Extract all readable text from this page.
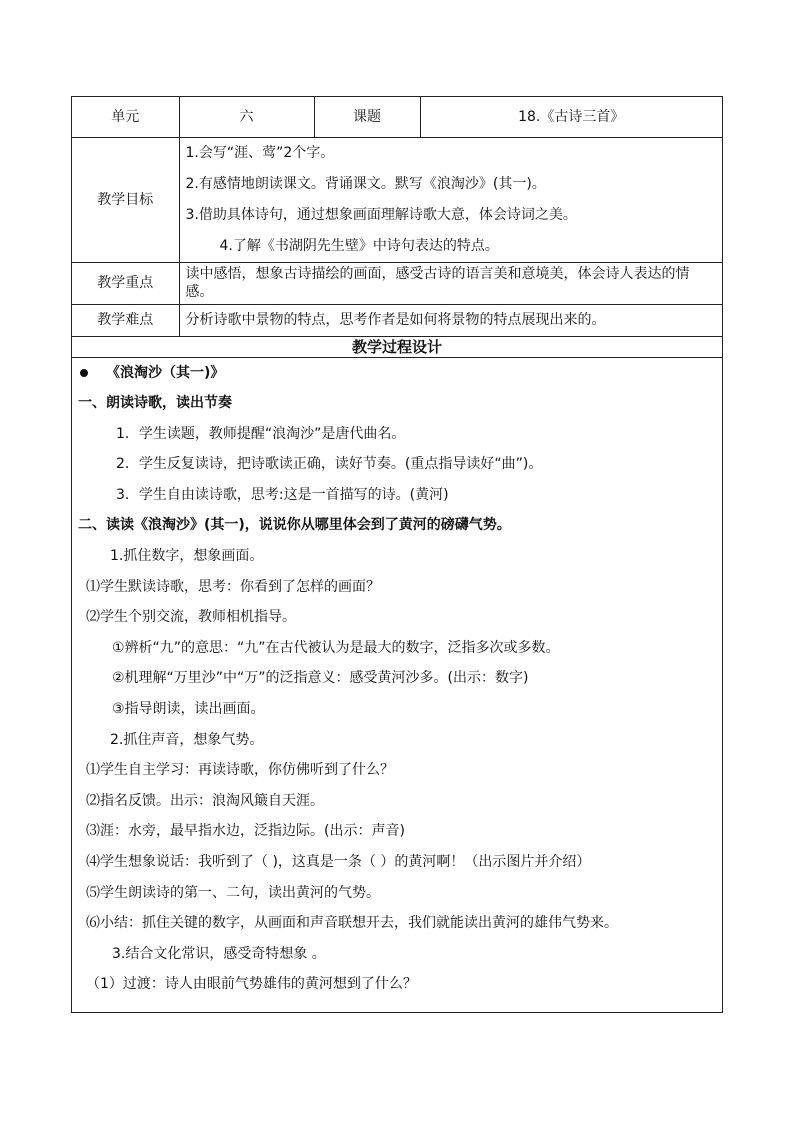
单元	六	课题	18.《古诗三首》
教学目标	1.会写“涯、莺”2个字。
2.有感情地朗读课文。背诵课文。默写《浪淘沙》(其一)。
3.借助具体诗句，通过想象画面理解诗歌大意，体会诗词之美。
4.了解《书湖阴先生壁》中诗句表达的特点。		

教学重点	读中感悟，想象古诗描绘的画面，感受古诗的语言美和意境美，体会诗人表达的情感。		
教学难点	分析诗歌中景物的特点，思考作者是如何将景物的特点展现出来的。		
教学过程设计
《浪淘沙（其一)》
一、朗读诗歌，读出节奏
1．学生读题，教师提醒“浪淘沙”是唐代曲名。
2．学生反复读诗，把诗歌读正确，读好节奏。(重点指导读好“曲”)。
3．学生自由读诗歌，思考:这是一首描写的诗。(黄河)
二、读读《浪淘沙》(其一)，说说你从哪里体会到了黄河的磅礴气势。
1.抓住数字，想象画面。
⑴学生默读诗歌，思考：你看到了怎样的画面？
⑵学生个别交流，教师相机指导。
①辨析“九”的意思：“九”在古代被认为是最大的数字，泛指多次或多数。
②机理解“万里沙”中“万”的泛指意义：感受黄河沙多。(出示：数字)
③指导朗读，读出画面。
2.抓住声音，想象气势。
⑴学生自主学习：再读诗歌，你仿佛听到了什么？
⑵指名反馈。出示：浪淘风簸自天涯。
⑶涯：水旁，最早指水边，泛指边际。(出示：声音)
⑷学生想象说话：我听到了（ )，这真是一条（ ）的黄河啊！（出示图片并介绍）
⑸学生朗读诗的第一、二句，读出黄河的气势。
⑹小结：抓住关键的数字，从画面和声音联想开去，我们就能读出黄河的雄伟气势来。
3.结合文化常识，感受奇特想象 。
（1）过渡：诗人由眼前气势雄伟的黄河想到了什么？
